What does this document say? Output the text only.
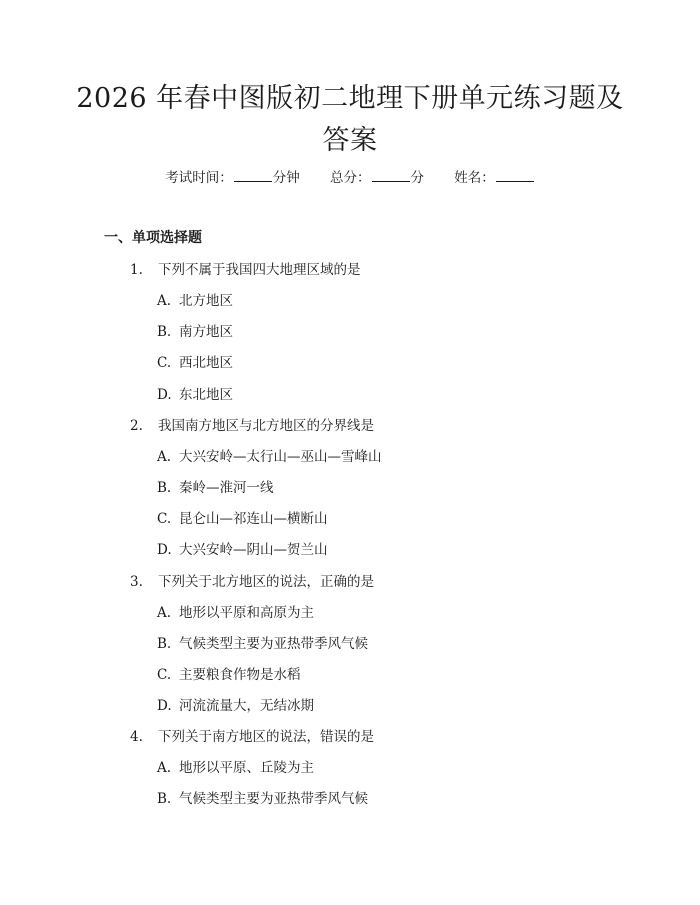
2026 年春中图版初二地理下册单元练习题及
答案
考试时间：	分钟 总分：	分 姓名：
一、单项选择题
1. 下列不属于我国四大地理区域的是
A. 北方地区
B. 南方地区
C. 西北地区
D. 东北地区
2. 我国南方地区与北方地区的分界线是
A. 大兴安岭—太行山—巫山—雪峰山
B. 秦岭—淮河一线
C. 昆仑山—祁连山—横断山
D. 大兴安岭—阴山—贺兰山
3. 下列关于北方地区的说法，正确的是
A. 地形以平原和高原为主
B. 气候类型主要为亚热带季风气候
C. 主要粮食作物是水稻
D. 河流流量大，无结冰期
4. 下列关于南方地区的说法，错误的是
A. 地形以平原、丘陵为主
B. 气候类型主要为亚热带季风气候
